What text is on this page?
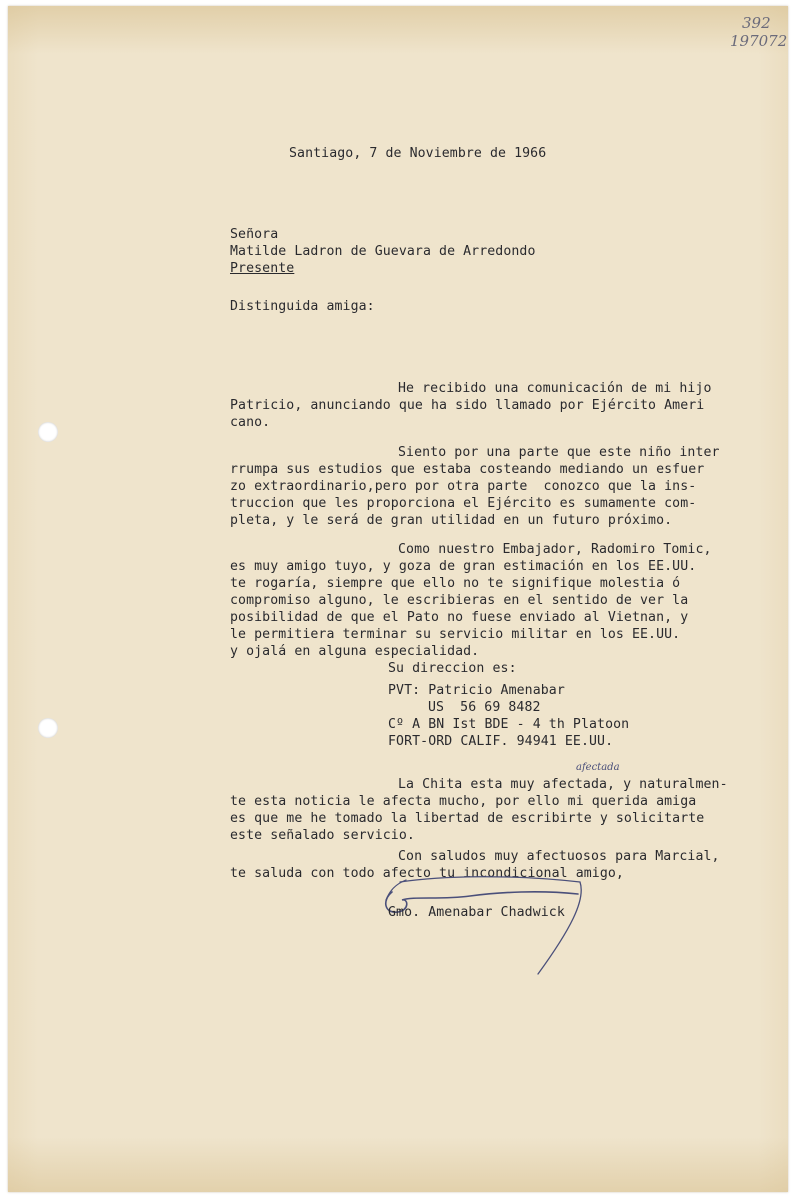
392
197072
Santiago, 7 de Noviembre de 1966
Señora
Matilde Ladron de Guevara de Arredondo
Presente
Distinguida amiga:
He recibido una comunicación de mi hijo
Patricio, anunciando que ha sido llamado por Ejército Ameri
cano.
Siento por una parte que este niño inter
rrumpa sus estudios que estaba costeando mediando un esfuer
zo extraordinario,pero por otra parte  conozco que la ins-
truccion que les proporciona el Ejército es sumamente com-
pleta, y le será de gran utilidad en un futuro próximo.
Como nuestro Embajador, Radomiro Tomic,
es muy amigo tuyo, y goza de gran estimación en los EE.UU.
te rogaría, siempre que ello no te signifique molestia ó
compromiso alguno, le escribieras en el sentido de ver la
posibilidad de que el Pato no fuese enviado al Vietnan, y
le permitiera terminar su servicio militar en los EE.UU.
y ojalá en alguna especialidad.
Su direccion es:
PVT: Patricio Amenabar
US  56 69 8482
Cº A BN Ist BDE - 4 th Platoon
FORT-ORD CALIF. 94941 EE.UU.
afectada
La Chita esta muy afectada, y naturalmen-
te esta noticia le afecta mucho, por ello mi querida amiga
es que me he tomado la libertad de escribirte y solicitarte
este señalado servicio.
Con saludos muy afectuosos para Marcial,
te saluda con todo afecto tu incondicional amigo,
Gmo. Amenabar Chadwick
